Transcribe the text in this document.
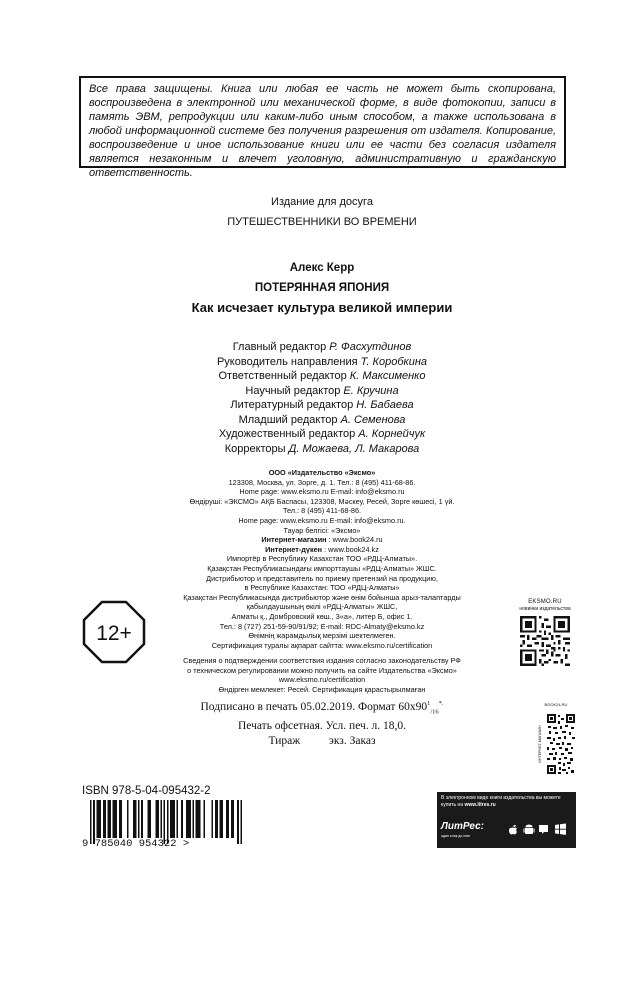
Все права защищены. Книга или любая ее часть не может быть скопирована, воспроизведена в электронной или механической форме, в виде фотокопии, записи в память ЭВМ, репродукции или каким-либо иным способом, а также использована в любой информационной системе без получения разрешения от издателя. Копирование, воспроизведение и иное использование книги или ее части без согласия издателя является незаконным и влечет уголовную, административную и гражданскую ответственность.
Издание для досуга
ПУТЕШЕСТВЕННИКИ ВО ВРЕМЕНИ
Алекс Керр
ПОТЕРЯННАЯ ЯПОНИЯ
Как исчезает культура великой империи
Главный редактор Р. Фасхутдинов
Руководитель направления Т. Коробкина
Ответственный редактор К. Максименко
Научный редактор Е. Кручина
Литературный редактор Н. Бабаева
Младший редактор А. Семенова
Художественный редактор А. Корнейчук
Корректоры Д. Можаева, Л. Макарова
ООО «Издательство «Эксмо»
123308, Москва, ул. Зорге, д. 1. Тел.: 8 (495) 411-68-86.
Home page: www.eksmo.ru E-mail: info@eksmo.ru
Өндіруші: «ЭКСМО» АҚБ Баспасы, 123308, Мәскеу, Ресей, Зорге көшесі, 1 үй.
Тел.: 8 (495) 411-68-86.
Home page: www.eksmo.ru E-mail: info@eksmo.ru.
Тауар белгісі: «Эксмо»
Интернет-магазин : www.book24.ru
Интернет-дүкен : www.book24.kz
Импортёр в Республику Казахстан ТОО «РДЦ-Алматы».
Қазақстан Республикасындағы импорттаушы «РДЦ-Алматы» ЖШС.
Дистрибьютор и представитель по приему претензий на продукцию,
в Республике Казахстан: ТОО «РДЦ-Алматы»
Қазақстан Республикасында дистрибьютор және өнім бойынша арыз-талаптарды
қабылдаушының өкілі «РДЦ-Алматы» ЖШС,
Алматы қ., Домбровский көш., 3«а», литер Б, офис 1.
Тел.: 8 (727) 251-59-90/91/92; E-mail: RDC-Almaty@eksmo.kz
Өнімнің жарамдылық мерзімі шектелмеген.
Сертификация туралы ақпарат сайтта: www.eksmo.ru/certification
Сведения о подтверждении соответствия издания согласно законодательству РФ
о техническом регулировании можно получить на сайте Издательства «Эксмо»
www.eksmo.ru/certification
Өндірген мемлекет: Ресей. Сертификация қарастырылмаған
12+
EKSMO.RU
новинки издательства
BOOK24.RU
ИНТЕРНЕТ-МАГАЗИН
Подписано в печать 05.02.2019. Формат $60x90^1_{/16}^{*.}$
Печать офсетная. Усл. печ. л. 18,0.
Тираж          экз. Заказ
ISBN 978-5-04-095432-2
9 785040 954322 >
В электронном виде книги издательства вы можете купить на www.litres.ru
ЛитРес:
один клик до книг
